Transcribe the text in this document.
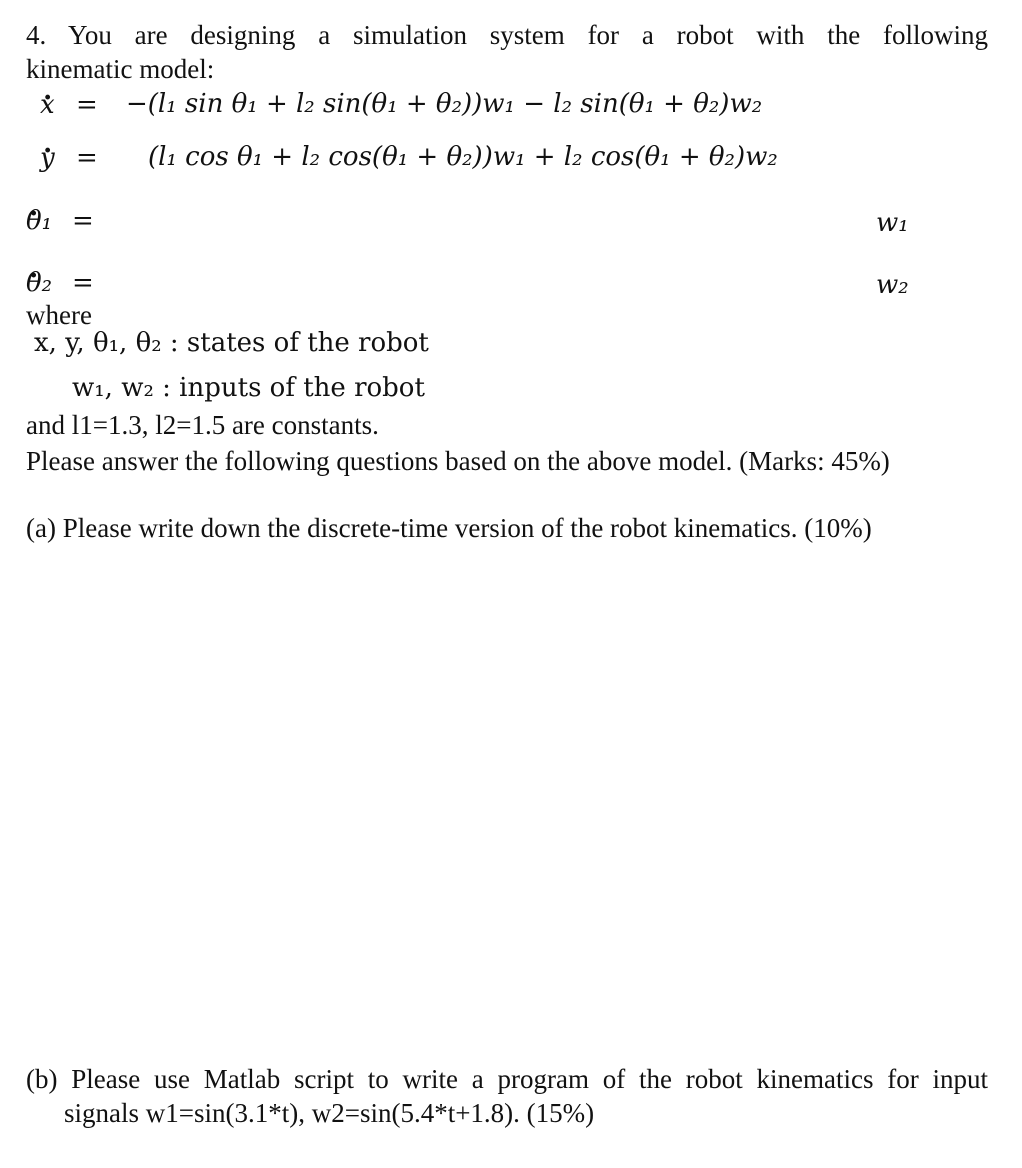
4. You are designing a simulation system for a robot with the following
kinematic model:
. x = −(l₁ sin θ₁ + l₂ sin(θ₁ + θ₂))w₁ − l₂ sin(θ₁ + θ₂)w₂
. y = (l₁ cos θ₁ + l₂ cos(θ₁ + θ₂))w₁ + l₂ cos(θ₁ + θ₂)w₂
. θ₁ =	w₁
. θ₂ =	w₂
where
x, y, θ₁, θ₂ : states of the robot
w₁, w₂ : inputs of the robot
and l1=1.3, l2=1.5 are constants.
Please answer the following questions based on the above model. (Marks: 45%)
(a) Please write down the discrete-time version of the robot kinematics. (10%)
(b) Please use Matlab script to write a program of the robot kinematics for input
signals w1=sin(3.1*t), w2=sin(5.4*t+1.8). (15%)
